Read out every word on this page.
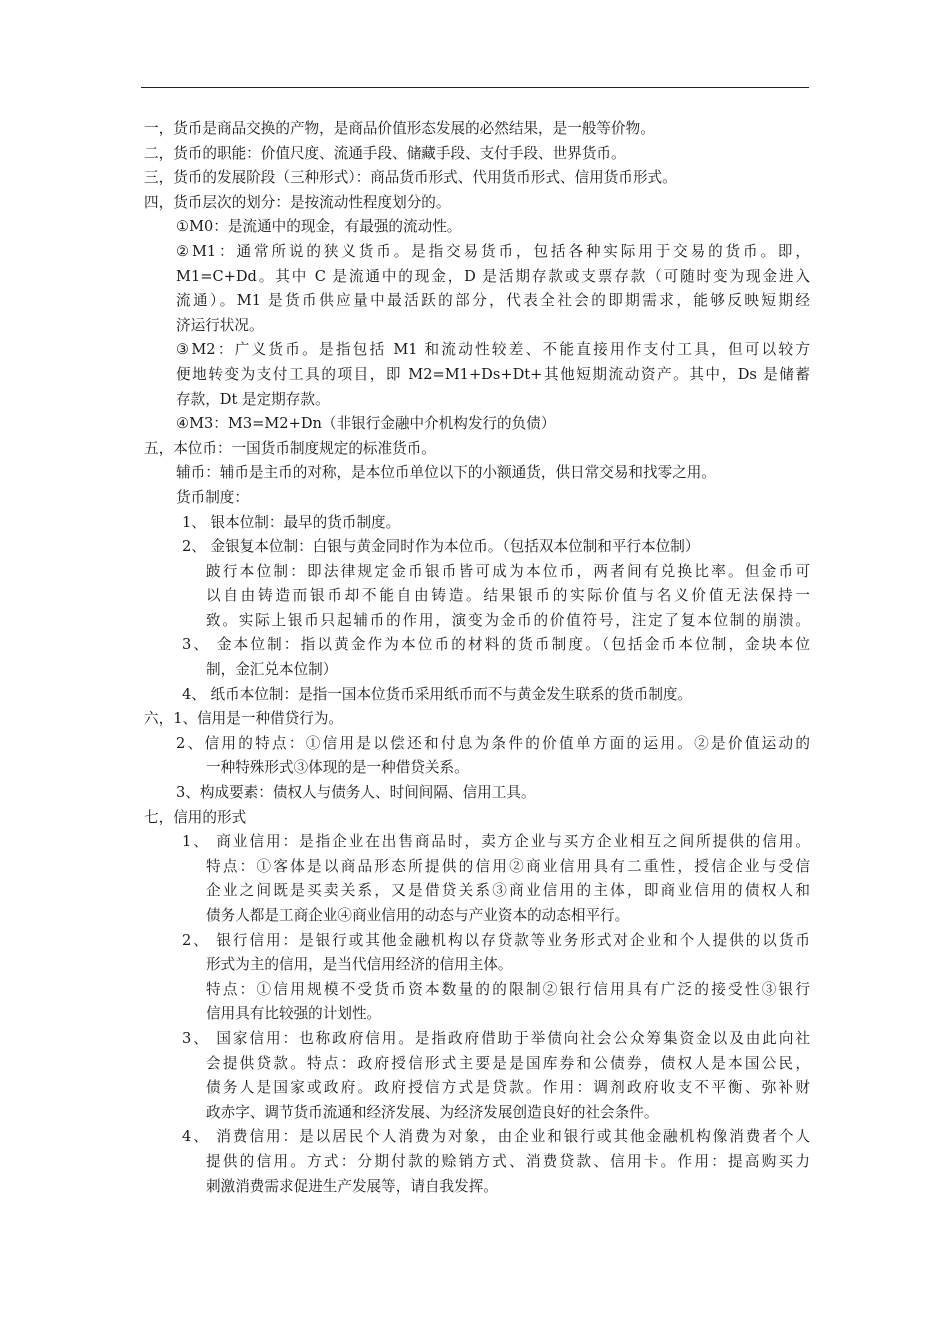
一，货币是商品交换的产物，是商品价值形态发展的必然结果，是一般等价物。
二，货币的职能：价值尺度、流通手段、储藏手段、支付手段、世界货币。
三，货币的发展阶段（三种形式）：商品货币形式、代用货币形式、信用货币形式。
四，货币层次的划分：是按流动性程度划分的。
①M0：是流通中的现金，有最强的流动性。
②M1：通常所说的狭义货币。是指交易货币，包括各种实际用于交易的货币。即，
M1=C+Dd。其中 C 是流通中的现金，D 是活期存款或支票存款（可随时变为现金进入
流通）。M1 是货币供应量中最活跃的部分，代表全社会的即期需求，能够反映短期经
济运行状况。
③M2：广义货币。是指包括 M1 和流动性较差、不能直接用作支付工具，但可以较方
便地转变为支付工具的项目，即 M2=M1+Ds+Dt+其他短期流动资产。其中，Ds 是储蓄
存款，Dt 是定期存款。
④M3：M3=M2+Dn（非银行金融中介机构发行的负债）
五，本位币：一国货币制度规定的标准货币。
辅币：辅币是主币的对称，是本位币单位以下的小额通货，供日常交易和找零之用。
货币制度：
1、 银本位制：最早的货币制度。
2、 金银复本位制：白银与黄金同时作为本位币。（包括双本位制和平行本位制）
跛行本位制：即法律规定金币银币皆可成为本位币，两者间有兑换比率。但金币可
以自由铸造而银币却不能自由铸造。结果银币的实际价值与名义价值无法保持一
致。实际上银币只起辅币的作用，演变为金币的价值符号，注定了复本位制的崩溃。
3、 金本位制：指以黄金作为本位币的材料的货币制度。（包括金币本位制，金块本位
制，金汇兑本位制）
4、 纸币本位制：是指一国本位货币采用纸币而不与黄金发生联系的货币制度。
六，1、信用是一种借贷行为。
2、信用的特点：①信用是以偿还和付息为条件的价值单方面的运用。②是价值运动的
一种特殊形式③体现的是一种借贷关系。
3、构成要素：债权人与债务人、时间间隔、信用工具。
七，信用的形式
1、 商业信用：是指企业在出售商品时，卖方企业与买方企业相互之间所提供的信用。
特点：①客体是以商品形态所提供的信用②商业信用具有二重性，授信企业与受信
企业之间既是买卖关系，又是借贷关系③商业信用的主体，即商业信用的债权人和
债务人都是工商企业④商业信用的动态与产业资本的动态相平行。
2、 银行信用：是银行或其他金融机构以存贷款等业务形式对企业和个人提供的以货币
形式为主的信用，是当代信用经济的信用主体。
特点：①信用规模不受货币资本数量的的限制②银行信用具有广泛的接受性③银行
信用具有比较强的计划性。
3、 国家信用：也称政府信用。是指政府借助于举债向社会公众筹集资金以及由此向社
会提供贷款。特点：政府授信形式主要是是国库券和公债券，债权人是本国公民，
债务人是国家或政府。政府授信方式是贷款。作用：调剂政府收支不平衡、弥补财
政赤字、调节货币流通和经济发展、为经济发展创造良好的社会条件。
4、 消费信用：是以居民个人消费为对象，由企业和银行或其他金融机构像消费者个人
提供的信用。方式：分期付款的赊销方式、消费贷款、信用卡。作用：提高购买力
刺激消费需求促进生产发展等，请自我发挥。
